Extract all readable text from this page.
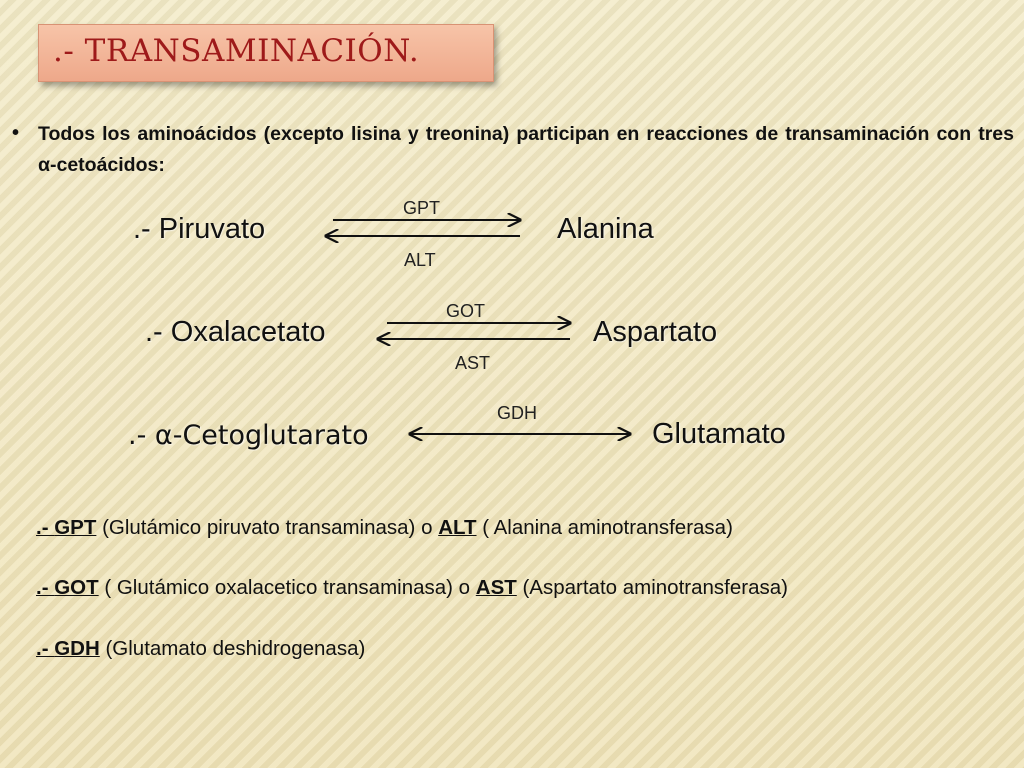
.- TRANSAMINACIÓN.
• Todos los aminoácidos (excepto lisina y treonina) participan en reacciones de transaminación con tres α-cetoácidos:
.- Piruvato	Alanina
GPT
ALT
.- Oxalacetato	Aspartato
GOT
AST
.- α-Cetoglutarato	Glutamato
GDH
.- GPT (Glutámico piruvato transaminasa) o ALT ( Alanina aminotransferasa)
.- GOT ( Glutámico oxalacetico transaminasa) o AST (Aspartato aminotransferasa)
.- GDH (Glutamato deshidrogenasa)
